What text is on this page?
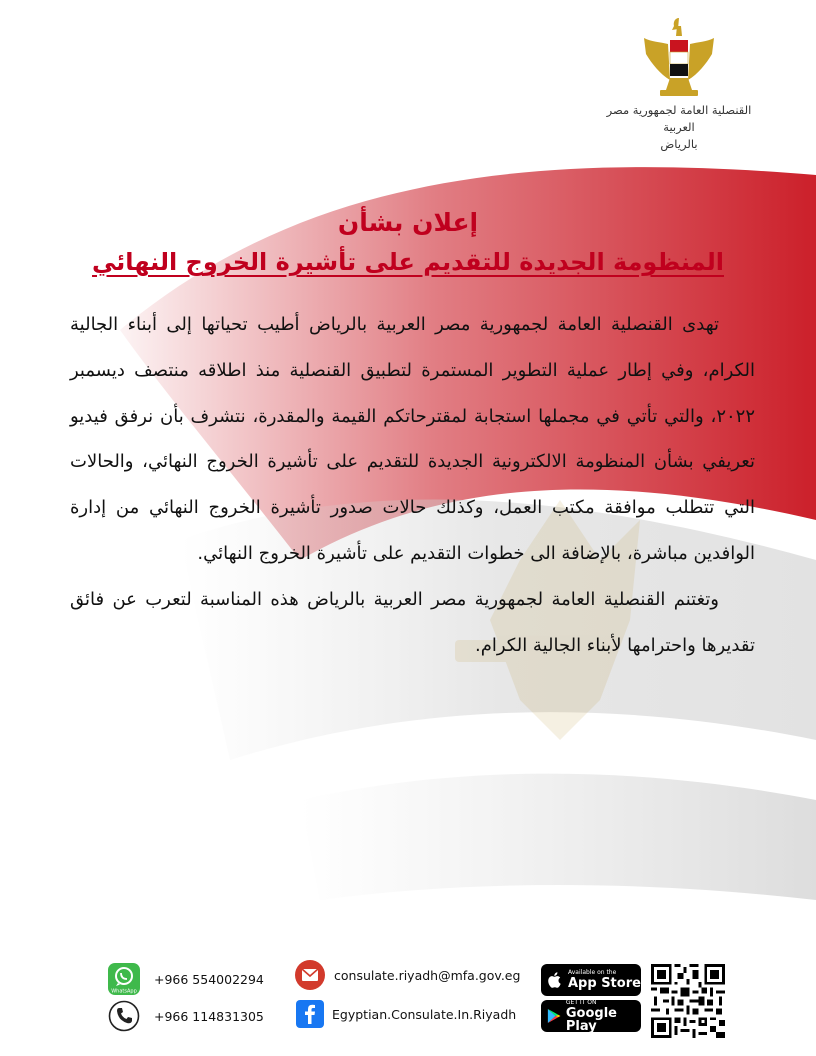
القنصلية العامة لجمهورية مصر العربية
بالرياض
إعلان بشأن
المنظومة الجديدة للتقديم على تأشيرة الخروج النهائي

تهدى القنصلية العامة لجمهورية مصر العربية بالرياض أطيب تحياتها إلى أبناء الجالية الكرام، وفي إطار عملية التطوير المستمرة لتطبيق القنصلية منذ اطلاقه منتصف ديسمبر ٢٠٢٢، والتي تأتي في مجملها استجابة لمقترحاتكم القيمة والمقدرة، نتشرف بأن نرفق فيديو تعريفي بشأن المنظومة الالكترونية الجديدة للتقديم على تأشيرة الخروج النهائي، والحالات التي تتطلب موافقة مكتب العمل، وكذلك حالات صدور تأشيرة الخروج النهائي من إدارة الوافدين مباشرة، بالإضافة الى خطوات التقديم على تأشيرة الخروج النهائي.

وتغتنم القنصلية العامة لجمهورية مصر العربية بالرياض هذه المناسبة لتعرب عن فائق تقديرها واحترامها لأبناء الجالية الكرام.

WhatsApp
+966 554002294
+966 114831305
consulate.riyadh@mfa.gov.eg
Egyptian.Consulate.In.Riyadh
Available on the
App Store
GET IT ON
Google Play
